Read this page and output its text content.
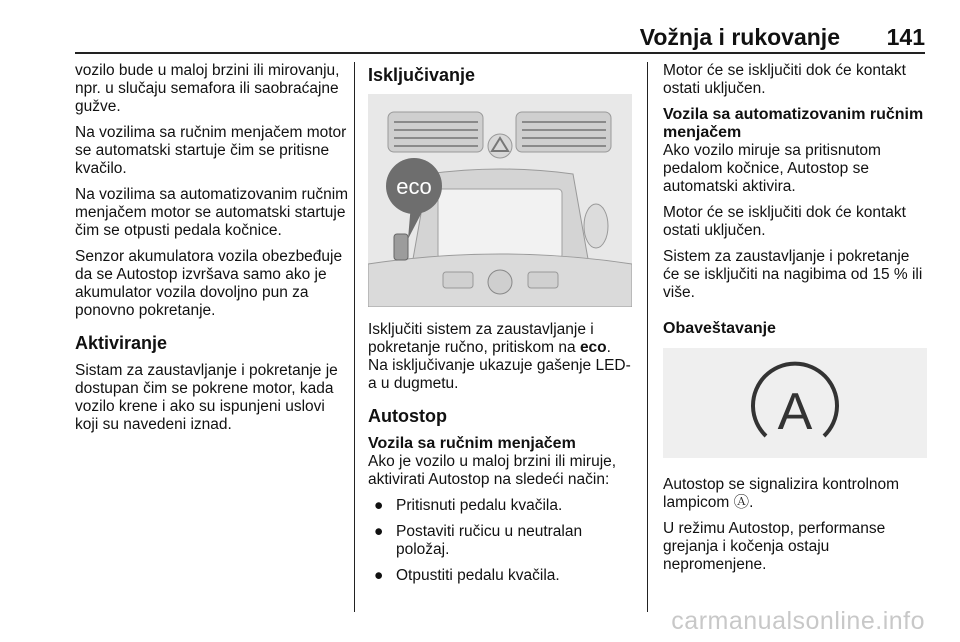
Vožnja i rukovanje 141

vozilo bude u maloj brzini ili mirovanju, npr. u slučaju semafora ili saobraćajne gužve.

Na vozilima sa ručnim menjačem motor se automatski startuje čim se pritisne kvačilo.

Na vozilima sa automatizovanim ručnim menjačem motor se automatski startuje čim se otpusti pedala kočnice.

Senzor akumulatora vozila obezbeđuje da se Autostop izvršava samo ako je akumulator vozila dovoljno pun za ponovno pokretanje.

Aktiviranje

Sistam za zaustavljanje i pokretanje je dostupan čim se pokrene motor, kada vozilo krene i ako su ispunjeni uslovi koji su navedeni iznad.

Isključivanje
eco

Isključiti sistem za zaustavljanje i pokretanje ručno, pritiskom na eco.
Na isključivanje ukazuje gašenje LED-a u dugmetu.

Autostop
Vozila sa ručnim menjačem

Ako je vozilo u maloj brzini ili miruje, aktivirati Autostop na sledeći način:

● Pritisnuti pedalu kvačila.
● Postaviti ručicu u neutralan položaj.
● Otpustiti pedalu kvačila.

Motor će se isključiti dok će kontakt ostati uključen.

Vozila sa automatizovanim ručnim menjačem

Ako vozilo miruje sa pritisnutom pedalom kočnice, Autostop se automatski aktivira.

Motor će se isključiti dok će kontakt ostati uključen.

Sistem za zaustavljanje i pokretanje će se isključiti na nagibima od 15 % ili više.

Obaveštavanje
A

Autostop se signalizira kontrolnom lampicom Ⓐ.

U režimu Autostop, performanse grejanja i kočenja ostaju nepromenjene.

carmanualsonline.info
